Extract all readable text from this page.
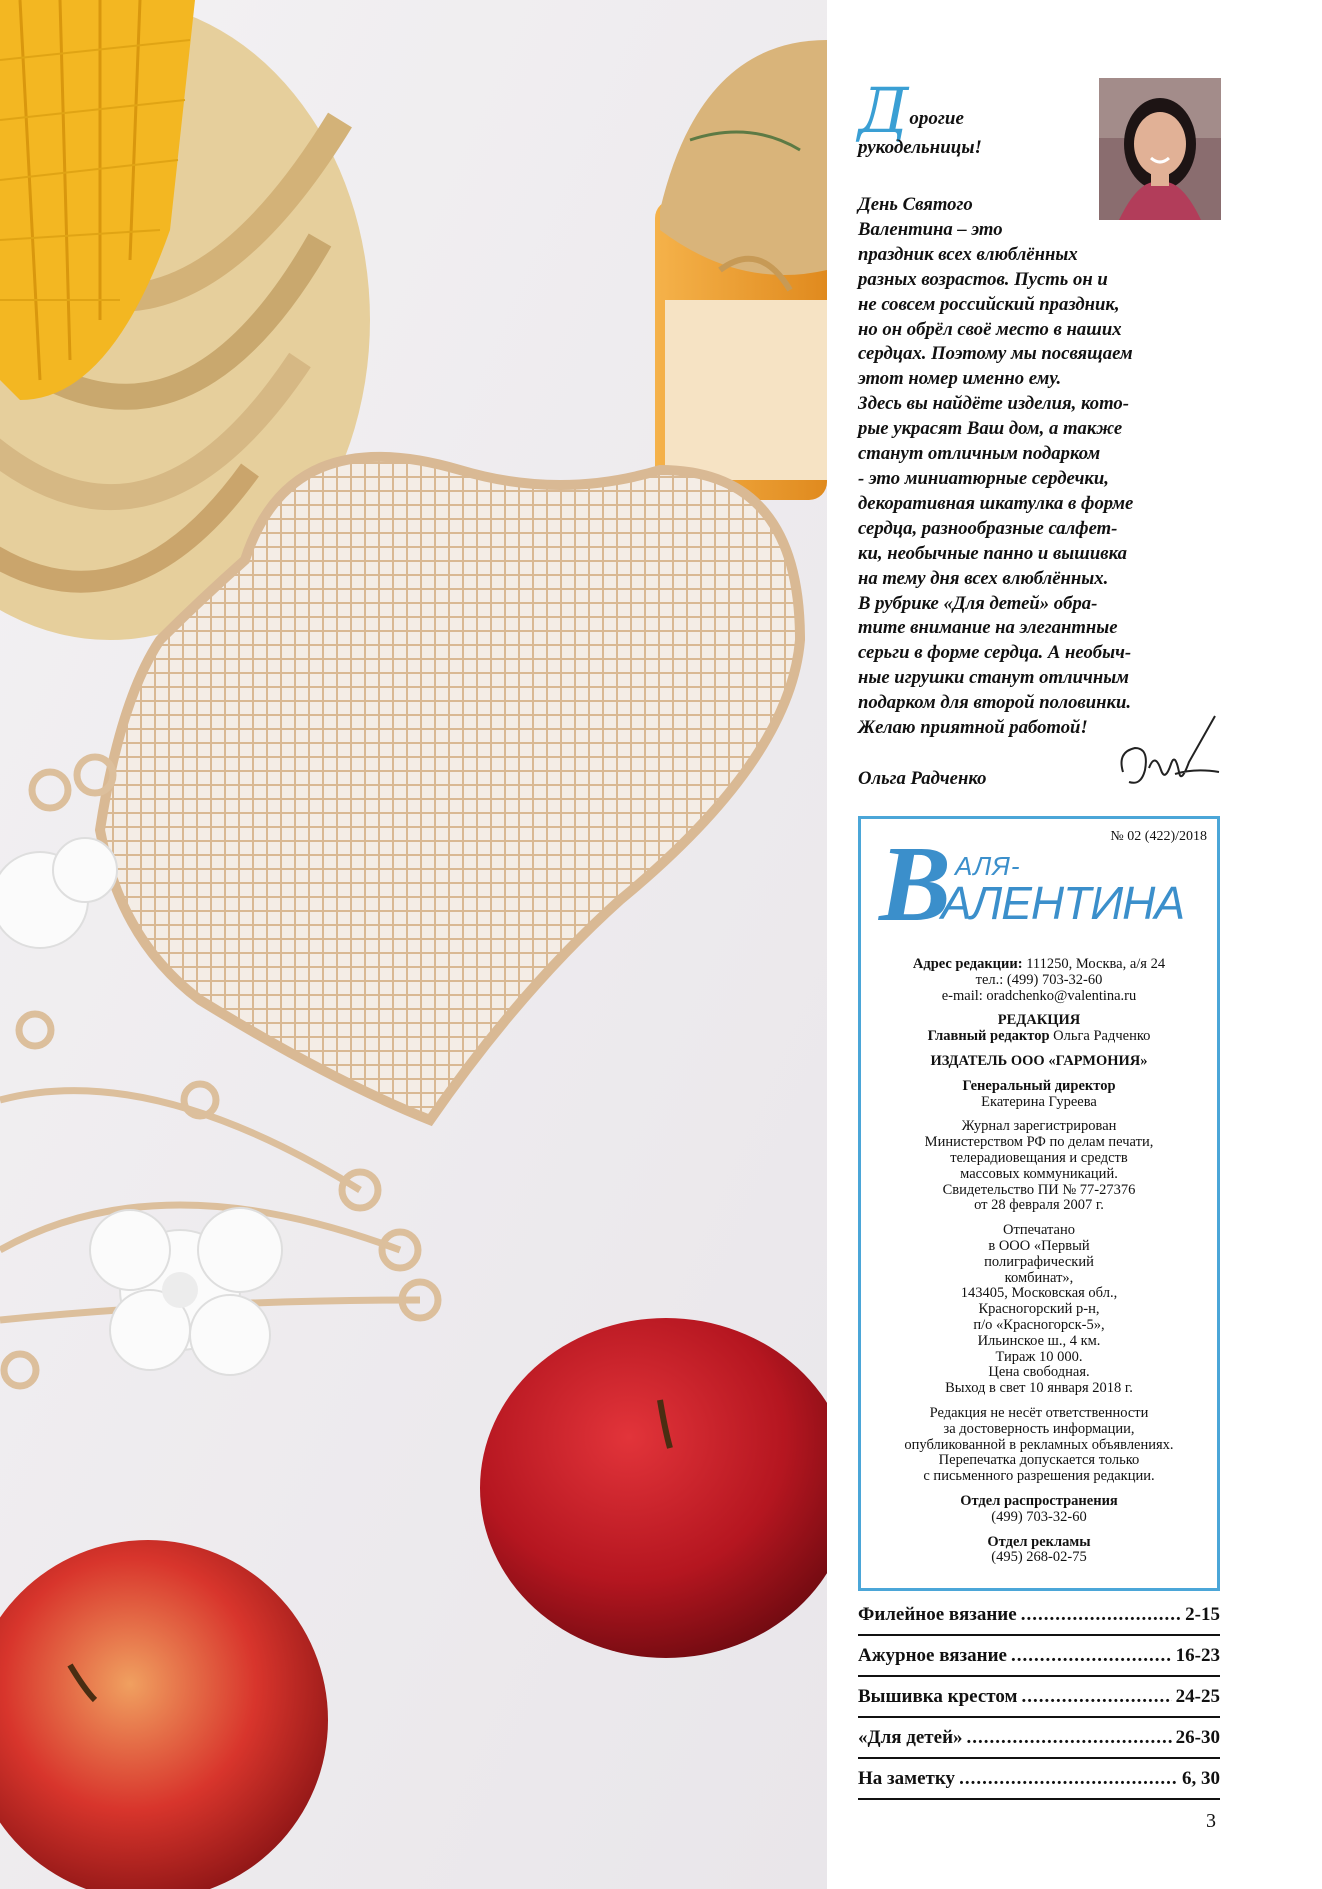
Дорогие
рукодельницы!
День Святого
Валентина – это
праздник всех влюблённых
разных возрастов. Пусть он и
не совсем российский праздник,
но он обрёл своё место в наших
сердцах. Поэтому мы посвящаем
этот номер именно ему.
Здесь вы найдёте изделия, кото-
рые украсят Ваш дом, а также
станут отличным подарком
- это миниатюрные сердечки,
декоративная шкатулка в форме
сердца, разнообразные салфет-
ки, необычные панно и вышивка
на тему дня всех влюблённых.
В рубрике «Для детей» обра-
тите внимание на элегантные
серьги в форме сердца. А необыч-
ные игрушки станут отличным
подарком для второй половинки.
Желаю приятной работой!
Ольга Радченко
№ 02 (422)/2018
В АЛЯ-
АЛЕНТИНА

Адрес редакции: 111250, Москва, а/я 24
тел.: (499) 703-32-60
e-mail: oradchenko@valentina.ru

РЕДАКЦИЯ
Главный редактор Ольга Радченко

ИЗДАТЕЛЬ ООО «ГАРМОНИЯ»

Генеральный директор
Екатерина Гуреева

Журнал зарегистрирован
Министерством РФ по делам печати,
телерадиовещания и средств
массовых коммуникаций.
Свидетельство ПИ № 77-27376
от 28 февраля 2007 г.

Отпечатано
в ООО «Первый
полиграфический
комбинат»,
143405, Московская обл.,
Красногорский р-н,
п/о «Красногорск-5»,
Ильинское ш., 4 км.
Тираж 10 000.
Цена свободная.
Выход в свет 10 января 2018 г.

Редакция не несёт ответственности
за достоверность информации,
опубликованной в рекламных объявлениях.
Перепечатка допускается только
с письменного разрешения редакции.

Отдел распространения
(499) 703-32-60

Отдел рекламы
(495) 268-02-75

Филейное вязание .....	2-15
Ажурное вязание .....	16-23
Вышивка крестом .....	24-25
«Для детей» .....	26-30
На заметку .....	6, 30
3
